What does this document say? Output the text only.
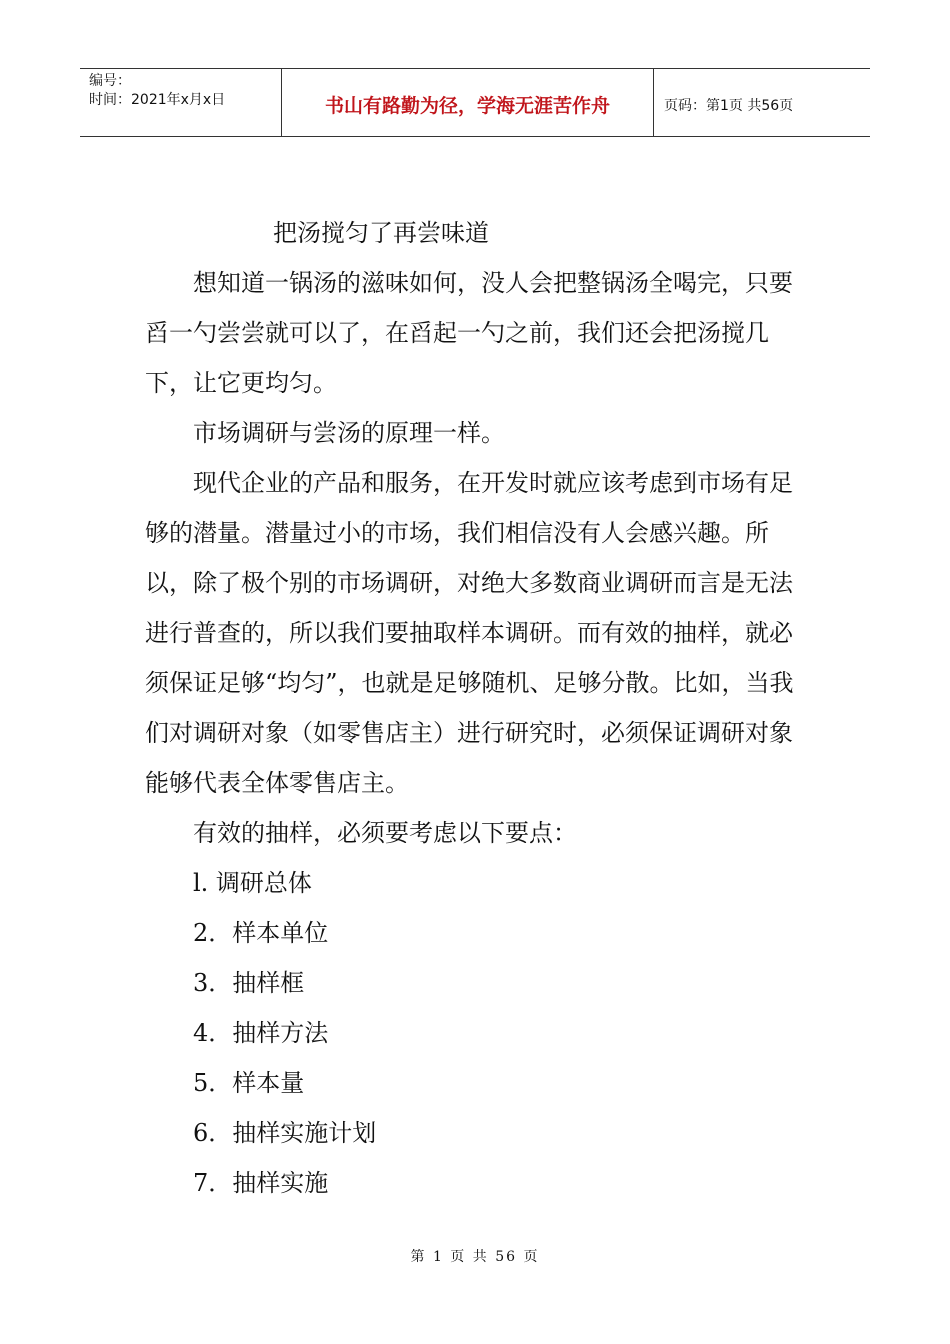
编号：
时间：2021年x月x日	书山有路勤为径，学海无涯苦作舟	页码：第1页 共56页

把汤搅匀了再尝味道

想知道一锅汤的滋味如何，没人会把整锅汤全喝完，只要舀一勺尝尝就可以了，在舀起一勺之前，我们还会把汤搅几下，让它更均匀。

市场调研与尝汤的原理一样。

现代企业的产品和服务，在开发时就应该考虑到市场有足够的潜量。潜量过小的市场，我们相信没有人会感兴趣。所以，除了极个别的市场调研，对绝大多数商业调研而言是无法进行普查的，所以我们要抽取样本调研。而有效的抽样，就必须保证足够“均匀”，也就是足够随机、足够分散。比如，当我们对调研对象（如零售店主）进行研究时，必须保证调研对象能够代表全体零售店主。

有效的抽样，必须要考虑以下要点：

l. 调研总体

2．样本单位

3．抽样框

4．抽样方法

5．样本量

6．抽样实施计划

7．抽样实施

第 1 页 共 56 页
